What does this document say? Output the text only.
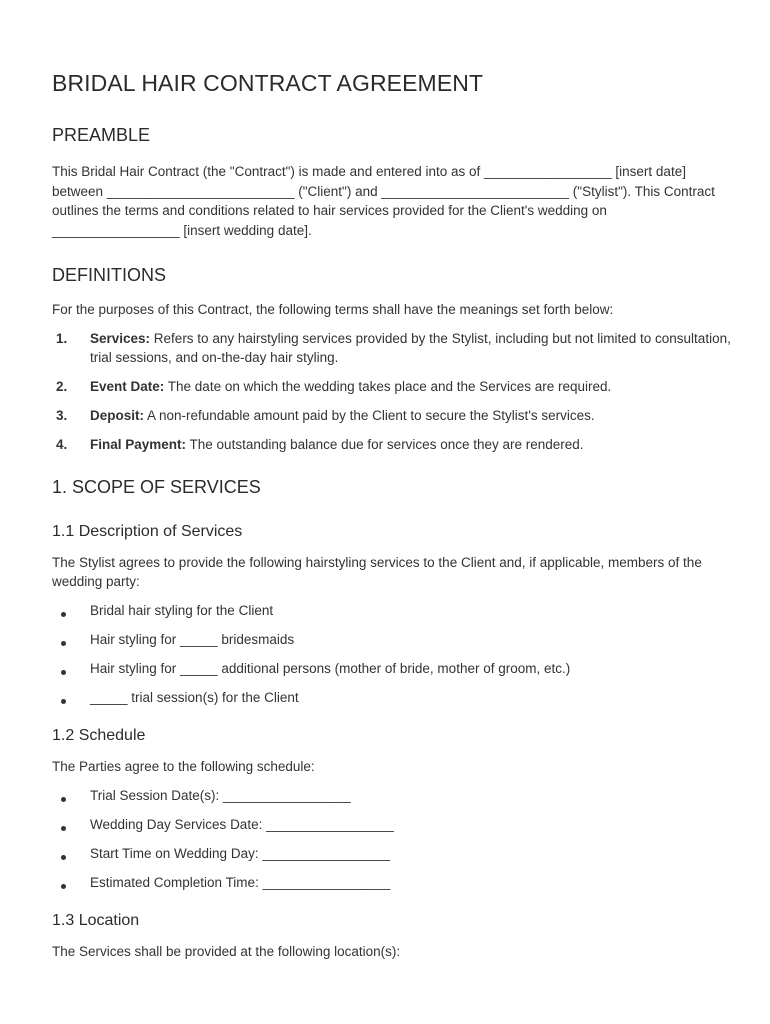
BRIDAL HAIR CONTRACT AGREEMENT
PREAMBLE

This Bridal Hair Contract (the "Contract") is made and entered into as of _________________ [insert date] between _________________________ ("Client") and _________________________ ("Stylist"). This Contract outlines the terms and conditions related to hair services provided for the Client's wedding on _________________ [insert wedding date].

DEFINITIONS

For the purposes of this Contract, the following terms shall have the meanings set forth below:

1. Services: Refers to any hairstyling services provided by the Stylist, including but not limited to consultation, trial sessions, and on-the-day hair styling.
2. Event Date: The date on which the wedding takes place and the Services are required.
3. Deposit: A non-refundable amount paid by the Client to secure the Stylist's services.
4. Final Payment: The outstanding balance due for services once they are rendered.
1. SCOPE OF SERVICES
1.1 Description of Services

The Stylist agrees to provide the following hairstyling services to the Client and, if applicable, members of the wedding party:

Bridal hair styling for the Client
Hair styling for _____ bridesmaids
Hair styling for _____ additional persons (mother of bride, mother of groom, etc.)
_____ trial session(s) for the Client
1.2 Schedule

The Parties agree to the following schedule:

Trial Session Date(s): _________________
Wedding Day Services Date: _________________
Start Time on Wedding Day: _________________
Estimated Completion Time: _________________
1.3 Location

The Services shall be provided at the following location(s):
